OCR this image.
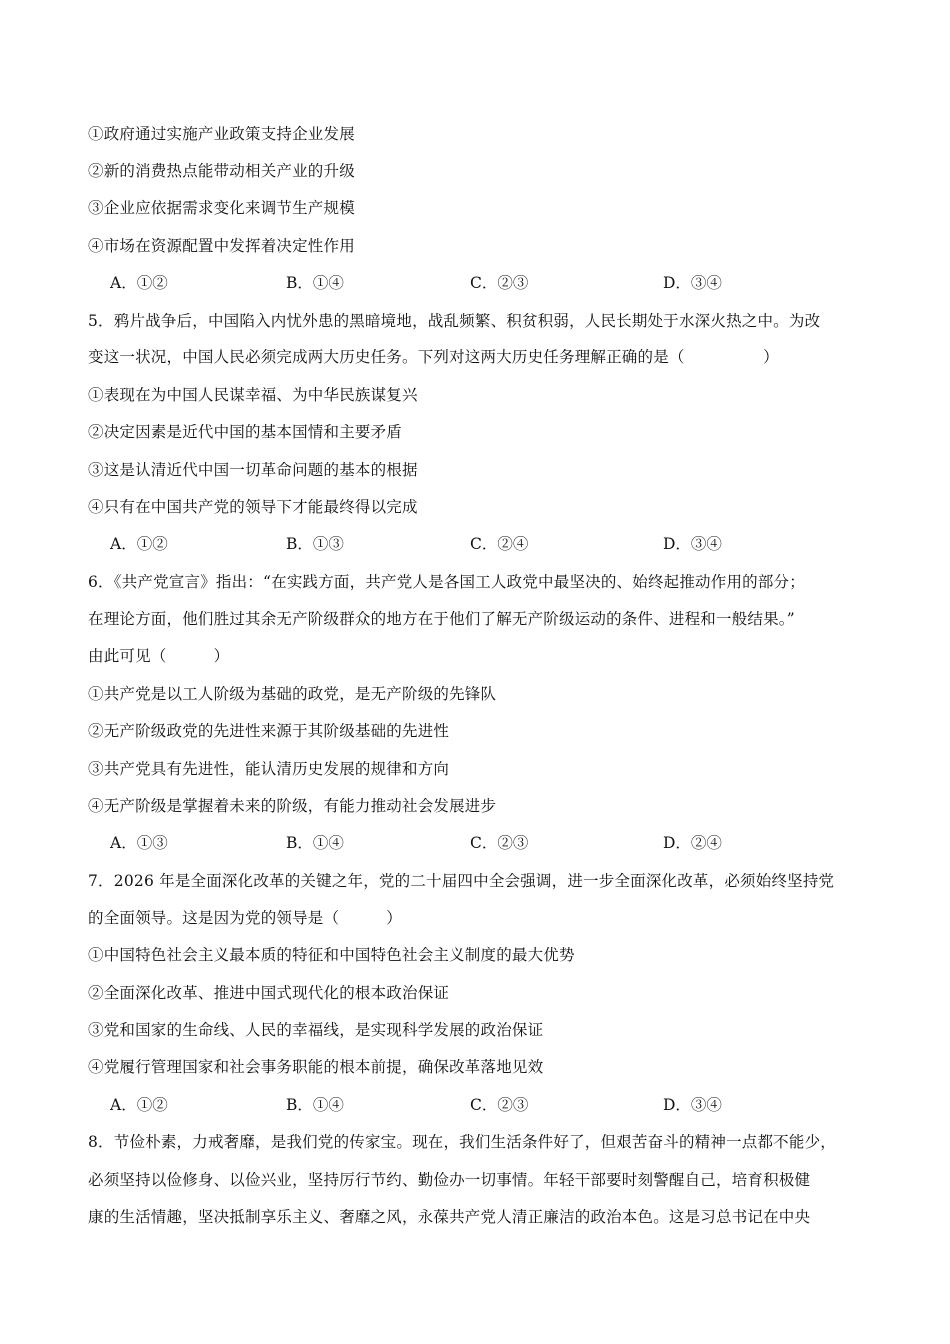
①政府通过实施产业政策支持企业发展
②新的消费热点能带动相关产业的升级
③企业应依据需求变化来调节生产规模
④市场在资源配置中发挥着决定性作用
A．①②	B．①④	C．②③	D．③④
5．鸦片战争后，中国陷入内忧外患的黑暗境地，战乱频繁、积贫积弱，人民长期处于水深火热之中。为改
变这一状况，中国人民必须完成两大历史任务。下列对这两大历史任务理解正确的是（　　　　　）
①表现在为中国人民谋幸福、为中华民族谋复兴
②决定因素是近代中国的基本国情和主要矛盾
③这是认清近代中国一切革命问题的基本的根据
④只有在中国共产党的领导下才能最终得以完成
A．①②	B．①③	C．②④	D．③④
6．《共产党宣言》指出：“在实践方面，共产党人是各国工人政党中最坚决的、始终起推动作用的部分；
在理论方面，他们胜过其余无产阶级群众的地方在于他们了解无产阶级运动的条件、进程和一般结果。”
由此可见（　　　）
①共产党是以工人阶级为基础的政党，是无产阶级的先锋队
②无产阶级政党的先进性来源于其阶级基础的先进性
③共产党具有先进性，能认清历史发展的规律和方向
④无产阶级是掌握着未来的阶级，有能力推动社会发展进步
A．①③	B．①④	C．②③	D．②④
7．2026 年是全面深化改革的关键之年，党的二十届四中全会强调，进一步全面深化改革，必须始终坚持党
的全面领导。这是因为党的领导是（　　　）
①中国特色社会主义最本质的特征和中国特色社会主义制度的最大优势
②全面深化改革、推进中国式现代化的根本政治保证
③党和国家的生命线、人民的幸福线，是实现科学发展的政治保证
④党履行管理国家和社会事务职能的根本前提，确保改革落地见效
A．①②	B．①④	C．②③	D．③④
8．节俭朴素，力戒奢靡，是我们党的传家宝。现在，我们生活条件好了，但艰苦奋斗的精神一点都不能少，
必须坚持以俭修身、以俭兴业，坚持厉行节约、勤俭办一切事情。年轻干部要时刻警醒自己，培育积极健
康的生活情趣，坚决抵制享乐主义、奢靡之风，永葆共产党人清正廉洁的政治本色。这是习总书记在中央
